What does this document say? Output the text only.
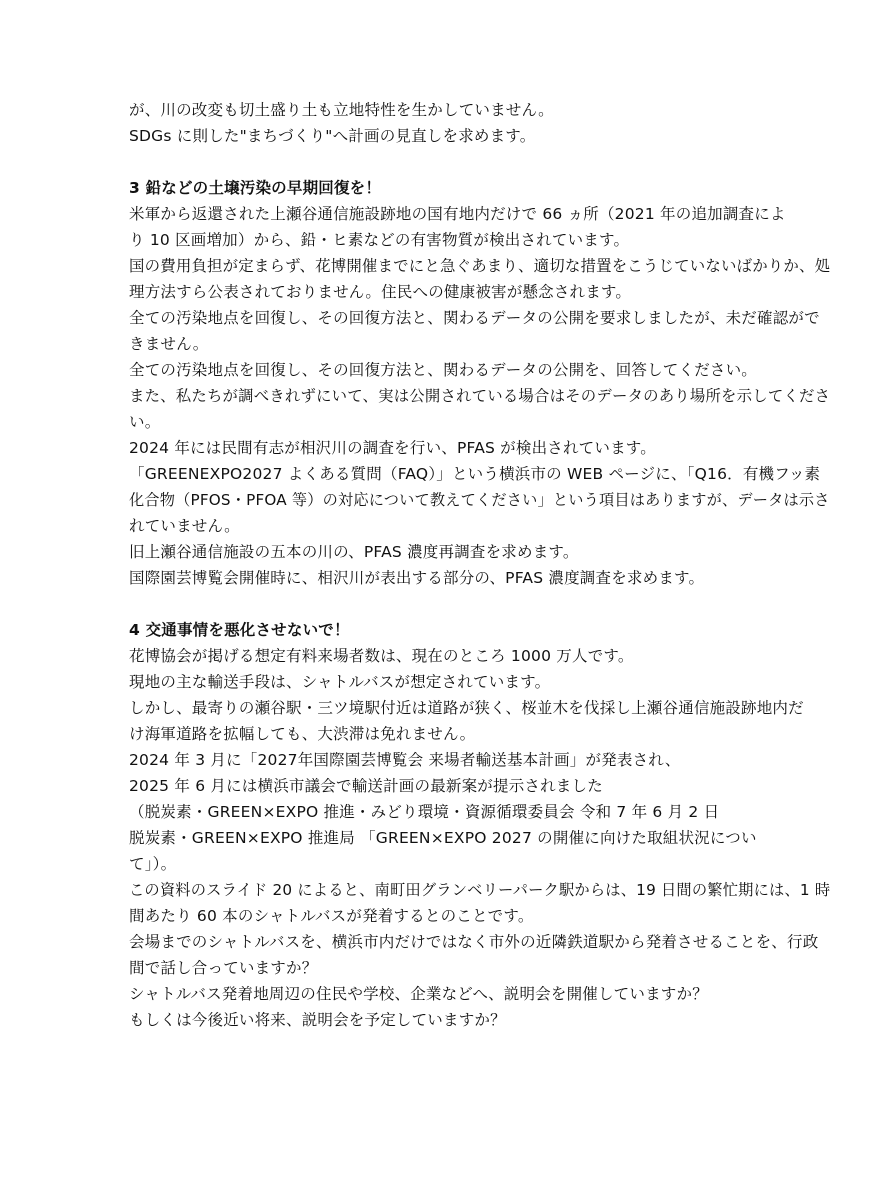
が、川の改変も切土盛り土も立地特性を生かしていません。
SDGs に則した"まちづくり"へ計画の見直しを求めます。
3 鉛などの土壌汚染の早期回復を！
米軍から返還された上瀬谷通信施設跡地の国有地内だけで 66 ヵ所（2021 年の追加調査によ
り 10 区画増加）から、鉛・ヒ素などの有害物質が検出されています。
国の費用負担が定まらず、花博開催までにと急ぐあまり、適切な措置をこうじていないばかりか、処
理方法すら公表されておりません。住民への健康被害が懸念されます。
全ての汚染地点を回復し、その回復方法と、関わるデータの公開を要求しましたが、未だ確認がで
きません。
全ての汚染地点を回復し、その回復方法と、関わるデータの公開を、回答してください。
また、私たちが調べきれずにいて、実は公開されている場合はそのデータのあり場所を示してくださ
い。
2024 年には民間有志が相沢川の調査を行い、PFAS が検出されています。
「GREENEXPO2027 よくある質問（FAQ）」という横浜市の WEB ページに、「Q16．有機フッ素
化合物（PFOS・PFOA 等）の対応について教えてください」という項目はありますが、データは示さ
れていません。
旧上瀬谷通信施設の五本の川の、PFAS 濃度再調査を求めます。
国際園芸博覧会開催時に、相沢川が表出する部分の、PFAS 濃度調査を求めます。
4 交通事情を悪化させないで！
花博協会が掲げる想定有料来場者数は、現在のところ 1000 万人です。
現地の主な輸送手段は、シャトルバスが想定されています。
しかし、最寄りの瀬谷駅・三ツ境駅付近は道路が狭く、桜並木を伐採し上瀬谷通信施設跡地内だ
け海軍道路を拡幅しても、大渋滞は免れません。
2024 年 3 月に「2027年国際園芸博覧会 来場者輸送基本計画」が発表され、
2025 年 6 月には横浜市議会で輸送計画の最新案が提示されました
（脱炭素・GREEN×EXPO 推進・みどり環境・資源循環委員会 令和 7 年 6 月 2 日
脱炭素・GREEN×EXPO 推進局 「GREEN×EXPO 2027 の開催に向けた取組状況につい
て」）。
この資料のスライド 20 によると、南町田グランベリーパーク駅からは、19 日間の繁忙期には、1 時
間あたり 60 本のシャトルバスが発着するとのことです。
会場までのシャトルバスを、横浜市内だけではなく市外の近隣鉄道駅から発着させることを、行政
間で話し合っていますか？
シャトルバス発着地周辺の住民や学校、企業などへ、説明会を開催していますか？
もしくは今後近い将来、説明会を予定していますか？
